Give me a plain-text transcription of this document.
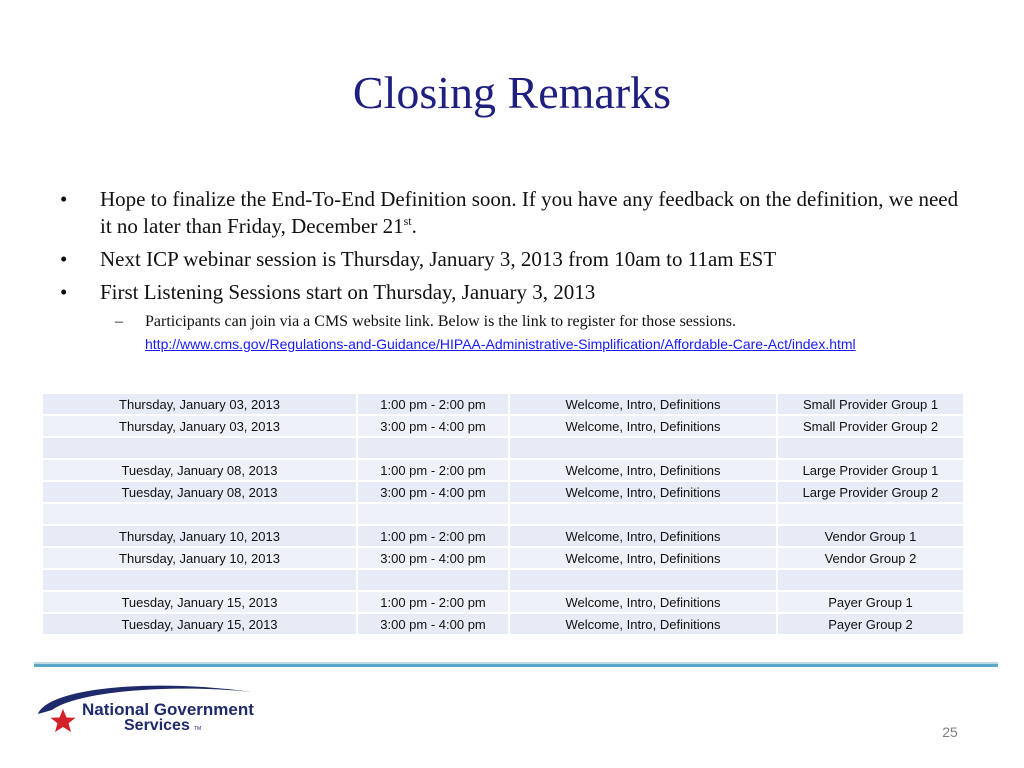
Closing Remarks
• Hope to finalize the End-To-End Definition soon. If you have any feedback on the definition, we need it no later than Friday, December 21st.
• Next ICP webinar session is Thursday, January 3, 2013 from 10am to 11am EST
• First Listening Sessions start on Thursday, January 3, 2013
– Participants can join via a CMS website link. Below is the link to register for those sessions.
http://www.cms.gov/Regulations-and-Guidance/HIPAA-Administrative-Simplification/Affordable-Care-Act/index.html
Thursday, January 03, 2013	1:00 pm - 2:00 pm	Welcome, Intro, Definitions	Small Provider Group 1
Thursday, January 03, 2013	3:00 pm - 4:00 pm	Welcome, Intro, Definitions	Small Provider Group 2

Tuesday, January 08, 2013	1:00 pm - 2:00 pm	Welcome, Intro, Definitions	Large Provider Group 1
Tuesday, January 08, 2013	3:00 pm - 4:00 pm	Welcome, Intro, Definitions	Large Provider Group 2

Thursday, January 10, 2013	1:00 pm - 2:00 pm	Welcome, Intro, Definitions	Vendor Group 1
Thursday, January 10, 2013	3:00 pm - 4:00 pm	Welcome, Intro, Definitions	Vendor Group 2

Tuesday, January 15, 2013	1:00 pm - 2:00 pm	Welcome, Intro, Definitions	Payer Group 1
Tuesday, January 15, 2013	3:00 pm - 4:00 pm	Welcome, Intro, Definitions	Payer Group 2
National Government
Services TM	25
